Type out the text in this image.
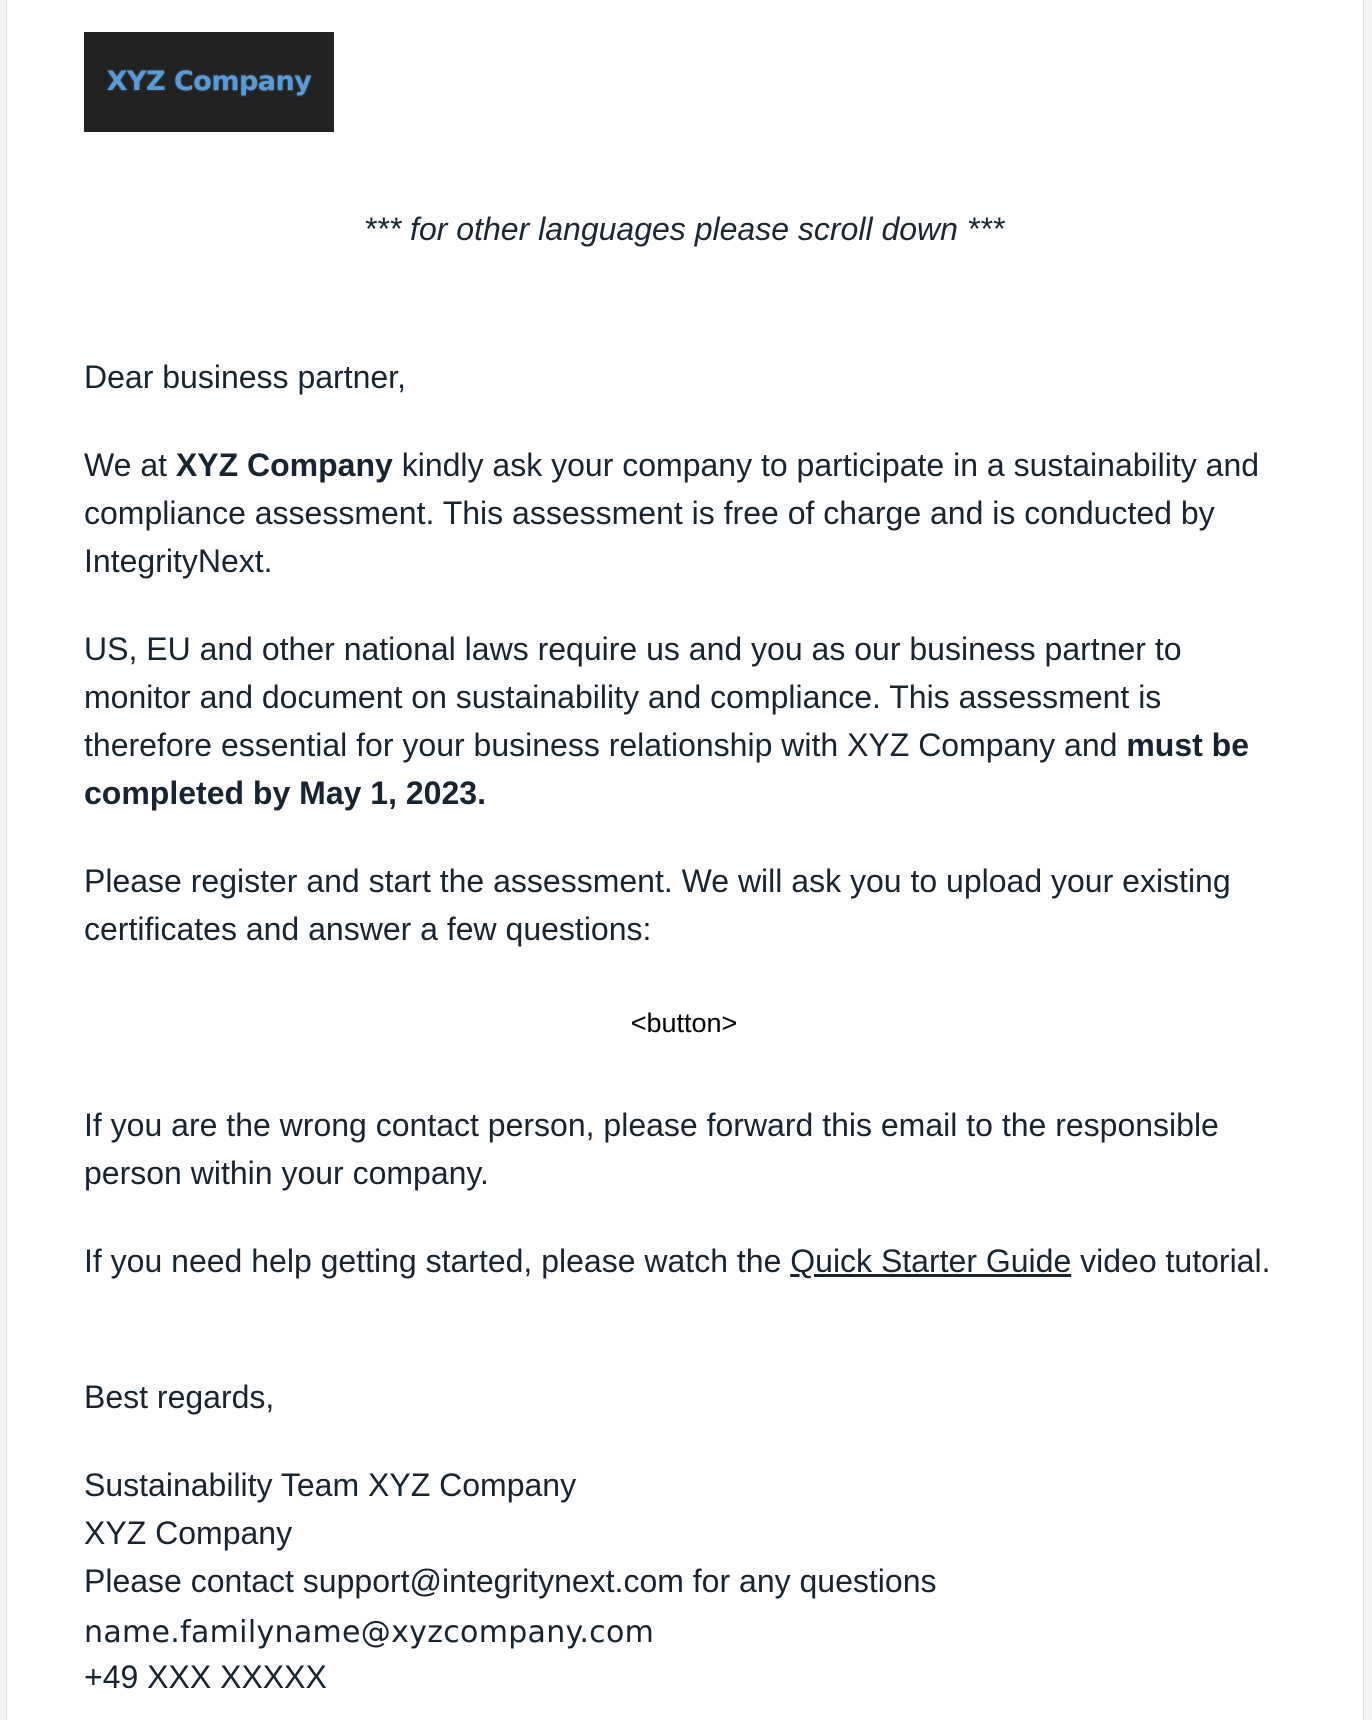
XYZ Company
*** for other languages please scroll down ***

Dear business partner,

We at XYZ Company kindly ask your company to participate in a sustainability and compliance assessment. This assessment is free of charge and is conducted by IntegrityNext.

US, EU and other national laws require us and you as our business partner to monitor and document on sustainability and compliance. This assessment is therefore essential for your business relationship with XYZ Company and must be completed by May 1, 2023.

Please register and start the assessment. We will ask you to upload your existing certificates and answer a few questions:

<button>

If you are the wrong contact person, please forward this email to the responsible person within your company.

If you need help getting started, please watch the Quick Starter Guide video tutorial.

Best regards,

Sustainability Team XYZ Company
XYZ Company
Please contact support@integritynext.com for any questions
name.familyname@xyzcompany.com
+49 XXX XXXXX
